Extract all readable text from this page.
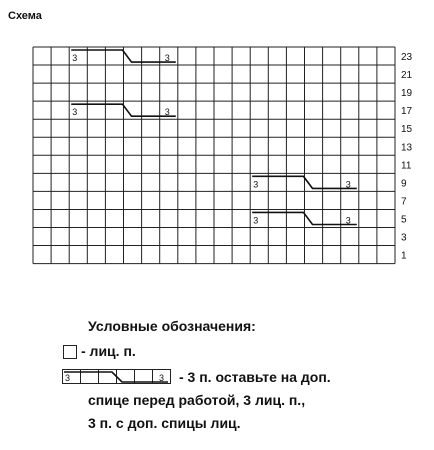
Схема
23
21
19
17
15
13
11
9
7
5
3
1
3	3
3	3
3	3
3	3
Условные обозначения:
- лиц. п.
3	3 - 3 п. оставьте на доп.
спице перед работой, 3 лиц. п.,
3 п. с доп. спицы лиц.
